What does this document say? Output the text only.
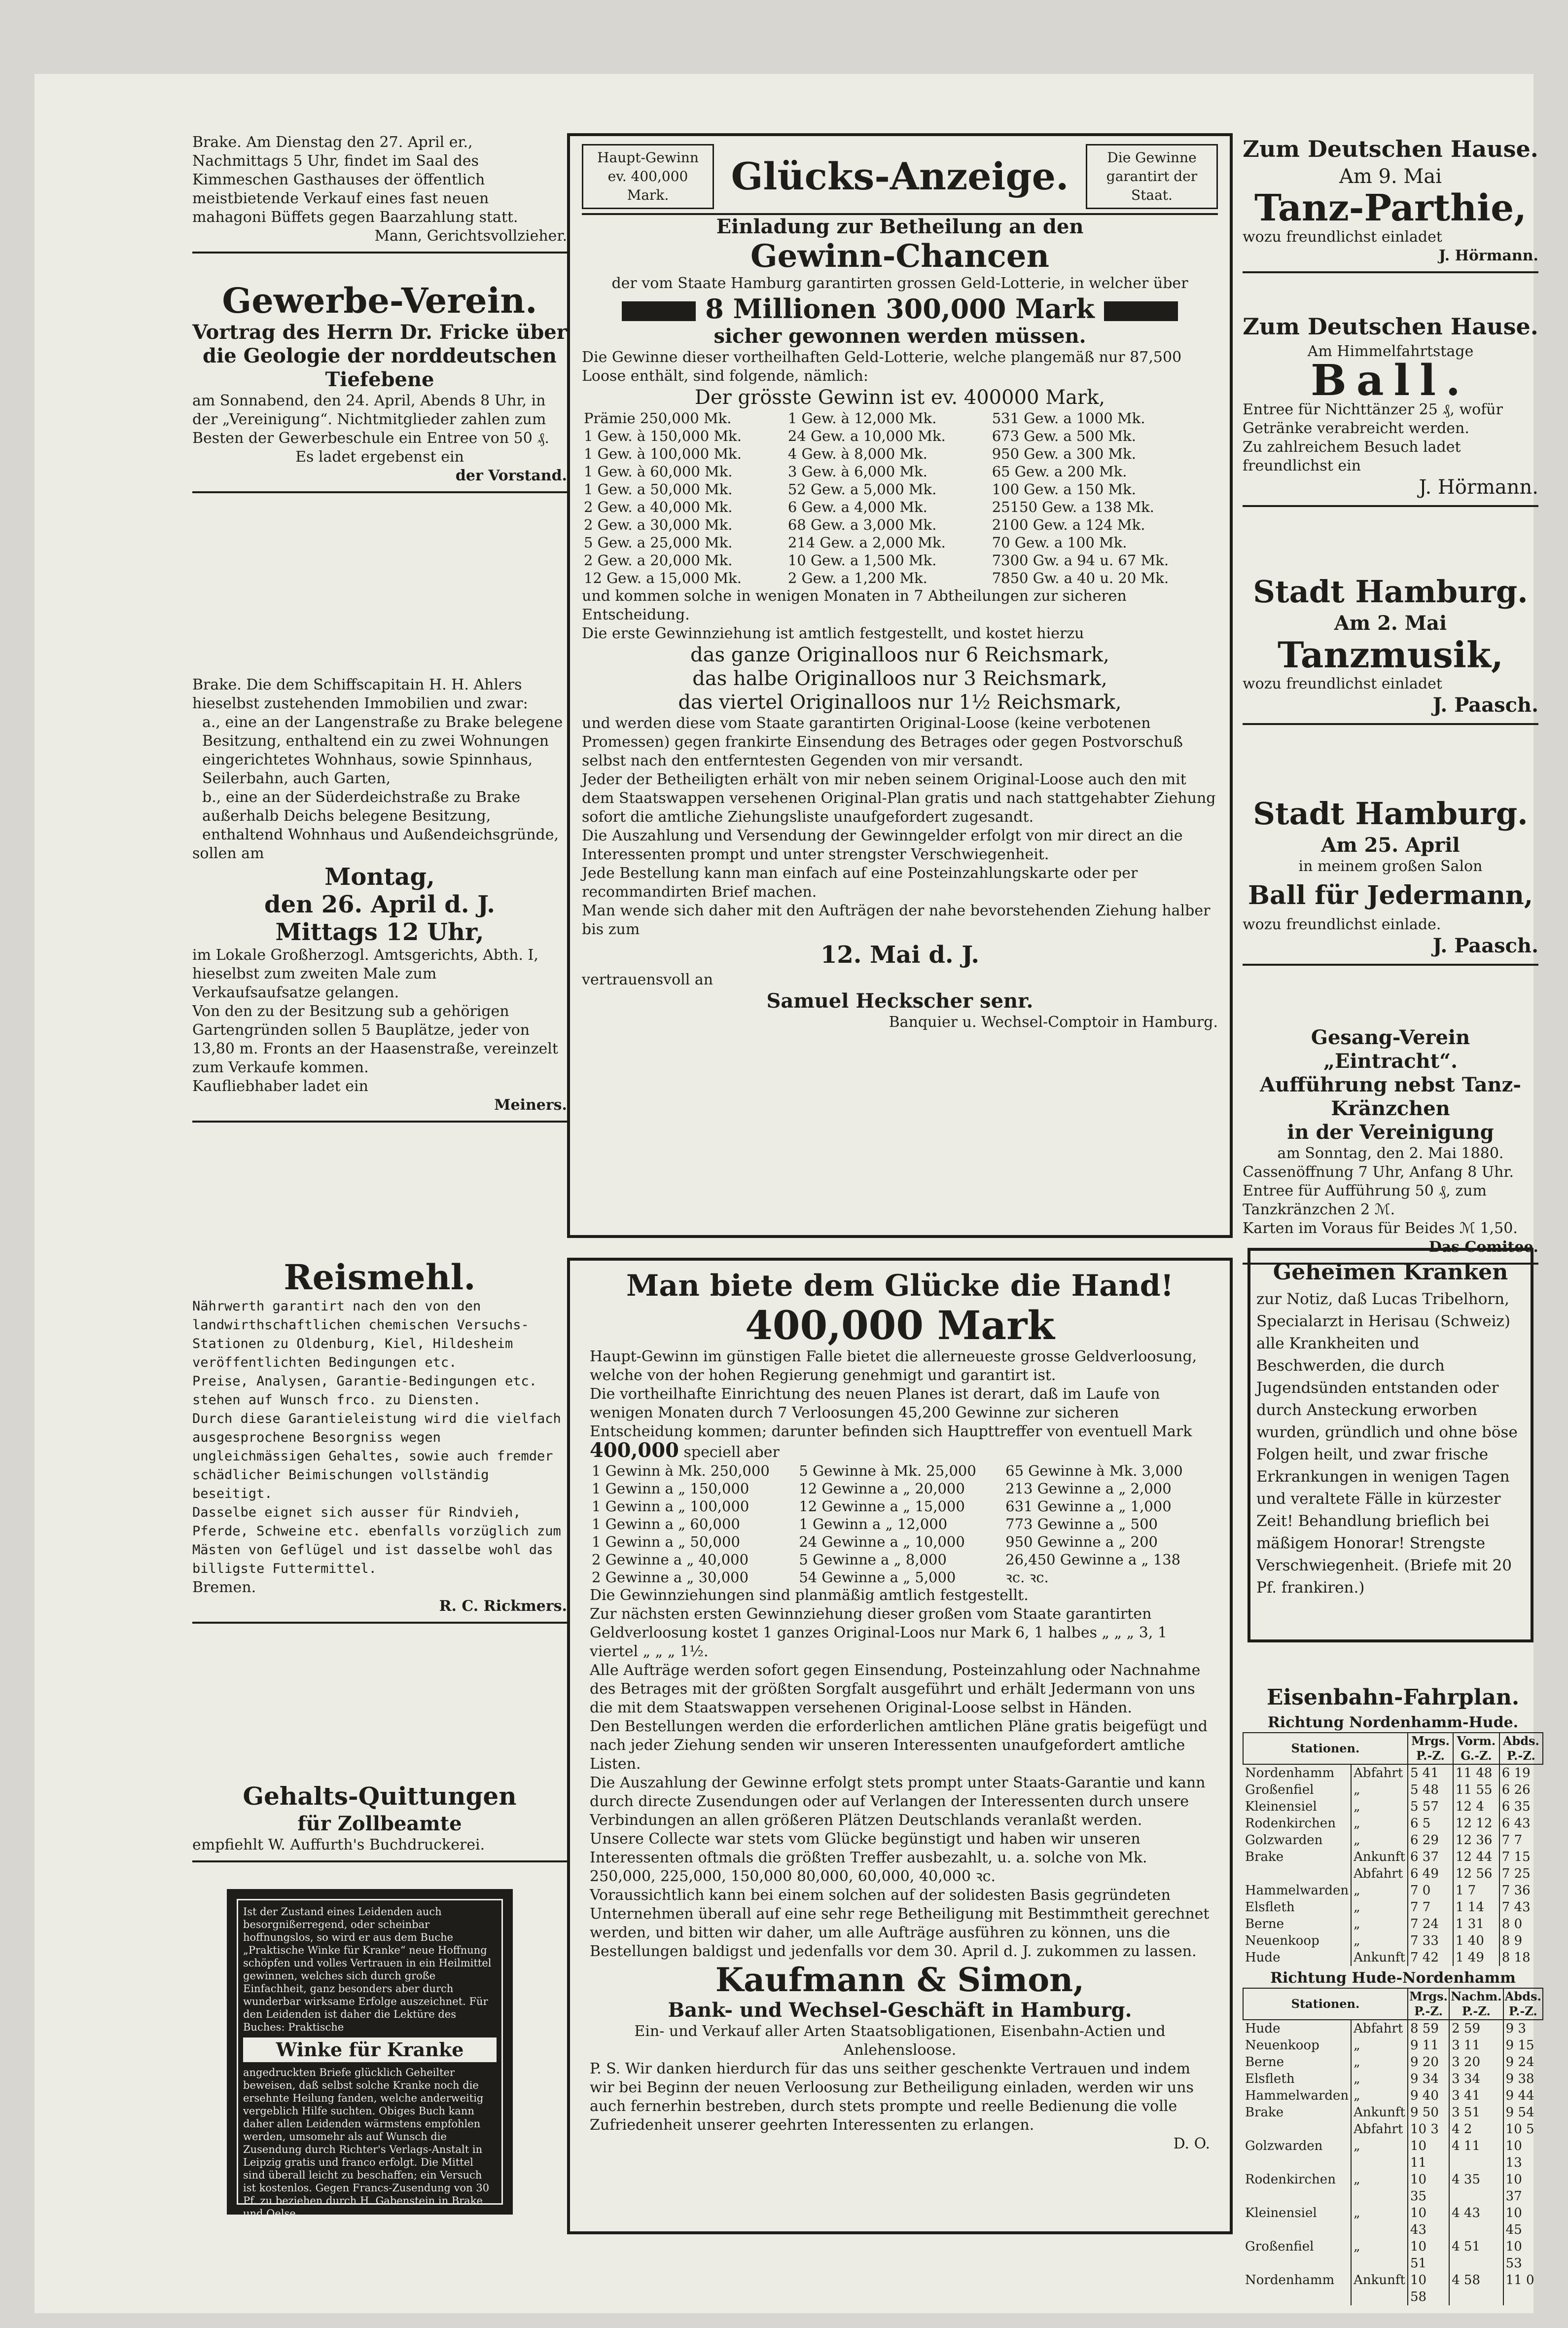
Brake. Am Dienstag den 27. April er., Nachmittags 5 Uhr, findet im Saal des Kimmeschen Gasthauses der öffentlich meistbietende Verkauf eines fast neuen mahagoni Büffets gegen Baarzahlung statt.

Mann, Gerichtsvollzieher.

Gewerbe-Verein.

Vortrag des Herrn Dr. Fricke über die Geologie der norddeutschen Tiefebene

am Sonnabend, den 24. April, Abends 8 Uhr, in der „Vereinigung“. Nichtmitglieder zahlen zum Besten der Gewerbeschule ein Entree von 50 ₰.

Es ladet ergebenst ein

der Vorstand.

Brake. Die dem Schiffscapitain H. H. Ahlers hieselbst zustehenden Immobilien und zwar:

a., eine an der Langenstraße zu Brake belegene Besitzung, enthaltend ein zu zwei Wohnungen eingerichtetes Wohnhaus, sowie Spinnhaus, Seilerbahn, auch Garten,

b., eine an der Süderdeichstraße zu Brake außerhalb Deichs belegene Besitzung, enthaltend Wohnhaus und Außendeichsgründe,

sollen am

Montag,

den 26. April d. J.

Mittags 12 Uhr,

im Lokale Großherzogl. Amtsgerichts, Abth. I, hieselbst zum zweiten Male zum Verkaufsaufsatze gelangen.

Von den zu der Besitzung sub a gehörigen Gartengründen sollen 5 Bauplätze, jeder von 13,80 m. Fronts an der Haasenstraße, vereinzelt zum Verkaufe kommen.

Kaufliebhaber ladet ein

Meiners.

Reismehl.

Nährwerth garantirt nach den von den landwirthschaftlichen chemischen Versuchs-Stationen zu Oldenburg, Kiel, Hildesheim veröffentlichten Bedingungen etc.

Preise, Analysen, Garantie-Bedingungen etc. stehen auf Wunsch frco. zu Diensten.

Durch diese Garantieleistung wird die vielfach ausgesprochene Besorgniss wegen ungleichmässigen Gehaltes, sowie auch fremder schädlicher Beimischungen vollständig beseitigt.

Dasselbe eignet sich ausser für Rindvieh, Pferde, Schweine etc. ebenfalls vorzüglich zum Mästen von Geflügel und ist dasselbe wohl das billigste Futtermittel.

Bremen.

R. C. Rickmers.

Gehalts-Quittungen

für Zollbeamte

empfiehlt W. Auffurth's Buchdruckerei.

Ist der Zustand eines Leidenden auch besorgnißerregend, oder scheinbar hoffnungslos, so wird er aus dem Buche „Praktische Winke für Kranke“ neue Hoffnung schöpfen und volles Vertrauen in ein Heilmittel gewinnen, welches sich durch große Einfachheit, ganz besonders aber durch wunderbar wirksame Erfolge auszeichnet. Für den Leidenden ist daher die Lektüre des Buches: Praktische

Winke für Kranke

angedruckten Briefe glücklich Geheilter beweisen, daß selbst solche Kranke noch die ersehnte Heilung fanden, welche anderweitig vergeblich Hilfe suchten. Obiges Buch kann daher allen Leidenden wärmstens empfohlen werden, umsomehr als auf Wunsch die Zusendung durch Richter's Verlags-Anstalt in Leipzig gratis und franco erfolgt. Die Mittel sind überall leicht zu beschaffen; ein Versuch ist kostenlos. Gegen Francs-Zusendung von 30 Pf. zu beziehen durch H. Gabenstein in Brake und Oelse.

Haupt-Gewinn ev. 400,000 Mark.	Glücks-Anzeige.	Die Gewinne garantirt der Staat.

Einladung zur Betheilung an den

Gewinn-Chancen

der vom Staate Hamburg garantirten grossen Geld-Lotterie, in welcher über

8 Millionen 300,000 Mark

sicher gewonnen werden müssen.

Die Gewinne dieser vortheilhaften Geld-Lotterie, welche plangemäß nur 87,500 Loose enthält, sind folgende, nämlich:

Der grösste Gewinn ist ev. 400000 Mark,

Prämie 250,000 Mk.	1 Gew. à 12,000 Mk.	531 Gew. a 1000 Mk.
1 Gew. à 150,000 Mk.	24 Gew. a 10,000 Mk.	673 Gew. a 500 Mk.
1 Gew. à 100,000 Mk.	4 Gew. à 8,000 Mk.	950 Gew. a 300 Mk.
1 Gew. à 60,000 Mk.	3 Gew. à 6,000 Mk.	65 Gew. a 200 Mk.
1 Gew. a 50,000 Mk.	52 Gew. a 5,000 Mk.	100 Gew. a 150 Mk.
2 Gew. a 40,000 Mk.	6 Gew. a 4,000 Mk.	25150 Gew. a 138 Mk.
2 Gew. a 30,000 Mk.	68 Gew. a 3,000 Mk.	2100 Gew. a 124 Mk.
5 Gew. a 25,000 Mk.	214 Gew. a 2,000 Mk.	70 Gew. a 100 Mk.
2 Gew. a 20,000 Mk.	10 Gew. a 1,500 Mk.	7300 Gw. a 94 u. 67 Mk.
12 Gew. a 15,000 Mk.	2 Gew. a 1,200 Mk.	7850 Gw. a 40 u. 20 Mk.

und kommen solche in wenigen Monaten in 7 Abtheilungen zur sicheren Entscheidung.

Die erste Gewinnziehung ist amtlich festgestellt, und kostet hierzu

das ganze Originalloos nur 6 Reichsmark,

das halbe Originalloos nur 3 Reichsmark,

das viertel Originalloos nur 1½ Reichsmark,

und werden diese vom Staate garantirten Original-Loose (keine verbotenen Promessen) gegen frankirte Einsendung des Betrages oder gegen Postvorschuß selbst nach den entferntesten Gegenden von mir versandt.

Jeder der Betheiligten erhält von mir neben seinem Original-Loose auch den mit dem Staatswappen versehenen Original-Plan gratis und nach stattgehabter Ziehung sofort die amtliche Ziehungsliste unaufgefordert zugesandt.

Die Auszahlung und Versendung der Gewinngelder erfolgt von mir direct an die Interessenten prompt und unter strengster Verschwiegenheit.

Jede Bestellung kann man einfach auf eine Posteinzahlungskarte oder per recommandirten Brief machen.

Man wende sich daher mit den Aufträgen der nahe bevorstehenden Ziehung halber bis zum

12. Mai d. J.

vertrauensvoll an

Samuel Heckscher senr.

Banquier u. Wechsel-Comptoir in Hamburg.

Man biete dem Glücke die Hand!

400,000 Mark

Haupt-Gewinn im günstigen Falle bietet die allerneueste grosse Geldverloosung, welche von der hohen Regierung genehmigt und garantirt ist.

Die vortheilhafte Einrichtung des neuen Planes ist derart, daß im Laufe von wenigen Monaten durch 7 Verloosungen 45,200 Gewinne zur sicheren Entscheidung kommen; darunter befinden sich Haupttreffer von eventuell Mark

400,000 speciell aber

1 Gewinn à Mk. 250,000	5 Gewinne à Mk. 25,000	65 Gewinne à Mk. 3,000
1 Gewinn a „ 150,000	12 Gewinne a „ 20,000	213 Gewinne a „ 2,000
1 Gewinn a „ 100,000	12 Gewinne a „ 15,000	631 Gewinne a „ 1,000
1 Gewinn a „ 60,000	1 Gewinn a „ 12,000	773 Gewinne a „ 500
1 Gewinn a „ 50,000	24 Gewinne a „ 10,000	950 Gewinne a „ 200
2 Gewinne a „ 40,000	5 Gewinne a „ 8,000	26,450 Gewinne a „ 138
2 Gewinne a „ 30,000	54 Gewinne a „ 5,000	ꝛc. ꝛc.

Die Gewinnziehungen sind planmäßig amtlich festgestellt.

Zur nächsten ersten Gewinnziehung dieser großen vom Staate garantirten Geldverloosung kostet 1 ganzes Original-Loos nur Mark 6, 1 halbes „ „ „ 3, 1 viertel „ „ „ 1½.

Alle Aufträge werden sofort gegen Einsendung, Posteinzahlung oder Nachnahme des Betrages mit der größten Sorgfalt ausgeführt und erhält Jedermann von uns die mit dem Staatswappen versehenen Original-Loose selbst in Händen.

Den Bestellungen werden die erforderlichen amtlichen Pläne gratis beigefügt und nach jeder Ziehung senden wir unseren Interessenten unaufgefordert amtliche Listen.

Die Auszahlung der Gewinne erfolgt stets prompt unter Staats-Garantie und kann durch directe Zusendungen oder auf Verlangen der Interessenten durch unsere Verbindungen an allen größeren Plätzen Deutschlands veranlaßt werden.

Unsere Collecte war stets vom Glücke begünstigt und haben wir unseren Interessenten oftmals die größten Treffer ausbezahlt, u. a. solche von Mk. 250,000, 225,000, 150,000 80,000, 60,000, 40,000 ꝛc.

Voraussichtlich kann bei einem solchen auf der solidesten Basis gegründeten Unternehmen überall auf eine sehr rege Betheiligung mit Bestimmtheit gerechnet werden, und bitten wir daher, um alle Aufträge ausführen zu können, uns die Bestellungen baldigst und jedenfalls vor dem 30. April d. J. zukommen zu lassen.

Kaufmann & Simon,

Bank- und Wechsel-Geschäft in Hamburg.

Ein- und Verkauf aller Arten Staatsobligationen, Eisenbahn-Actien und Anlehensloose.

P. S. Wir danken hierdurch für das uns seither geschenkte Vertrauen und indem wir bei Beginn der neuen Verloosung zur Betheiligung einladen, werden wir uns auch fernerhin bestreben, durch stets prompte und reelle Bedienung die volle Zufriedenheit unserer geehrten Interessenten zu erlangen.

D. O.

Zum Deutschen Hause.

Am 9. Mai

Tanz-Parthie,

wozu freundlichst einladet

J. Hörmann.

Zum Deutschen Hause.

Am Himmelfahrtstage

Ball.

Entree für Nichttänzer 25 ₰, wofür Getränke verabreicht werden.

Zu zahlreichem Besuch ladet freundlichst ein

J. Hörmann.

Stadt Hamburg.

Am 2. Mai

Tanzmusik,

wozu freundlichst einladet

J. Paasch.

Stadt Hamburg.

Am 25. April

in meinem großen Salon

Ball für Jedermann,

wozu freundlichst einlade.

J. Paasch.

Gesang-Verein „Eintracht“.

Aufführung nebst Tanz-Kränzchen

in der Vereinigung

am Sonntag, den 2. Mai 1880.

Cassenöffnung 7 Uhr, Anfang 8 Uhr.

Entree für Aufführung 50 ₰, zum Tanzkränzchen 2 ℳ.

Karten im Voraus für Beides ℳ 1,50.

Das Comitee.

Geheimen Kranken

zur Notiz, daß Lucas Tribelhorn, Specialarzt in Herisau (Schweiz) alle Krankheiten und Beschwerden, die durch Jugendsünden entstanden oder durch Ansteckung erworben wurden, gründlich und ohne böse Folgen heilt, und zwar frische Erkrankungen in wenigen Tagen und veraltete Fälle in kürzester Zeit! Behandlung brieflich bei mäßigem Honorar! Strengste Verschwiegenheit. (Briefe mit 20 Pf. frankiren.)

Eisenbahn-Fahrplan.

Richtung Nordenhamm-Hude.

Stationen.		Mrgs. P.-Z.	Vorm. G.-Z.	Abds. P.-Z.
Nordenhamm	Abfahrt	5 41	11 48	6 19
Großenfiel	„	5 48	11 55	6 26
Kleinensiel	„	5 57	12 4	6 35
Rodenkirchen	„	6 5	12 12	6 43
Golzwarden	„	6 29	12 36	7 7
Brake	Ankunft	6 37	12 44	7 15
	Abfahrt	6 49	12 56	7 25
Hammelwarden	„	7 0	1 7	7 36
Elsfleth	„	7 7	1 14	7 43
Berne	„	7 24	1 31	8 0
Neuenkoop	„	7 33	1 40	8 9
Hude	Ankunft	7 42	1 49	8 18

Richtung Hude-Nordenhamm

Stationen.		Mrgs. P.-Z.	Nachm. P.-Z.	Abds. P.-Z.
Hude	Abfahrt	8 59	2 59	9 3
Neuenkoop	„	9 11	3 11	9 15
Berne	„	9 20	3 20	9 24
Elsfleth	„	9 34	3 34	9 38
Hammelwarden	„	9 40	3 41	9 44
Brake	Ankunft	9 50	3 51	9 54
	Abfahrt	10 3	4 2	10 5
Golzwarden	„	10 11	4 11	10 13
Rodenkirchen	„	10 35	4 35	10 37
Kleinensiel	„	10 43	4 43	10 45
Großenfiel	„	10 51	4 51	10 53
Nordenhamm	Ankunft	10 58	4 58	11 0
